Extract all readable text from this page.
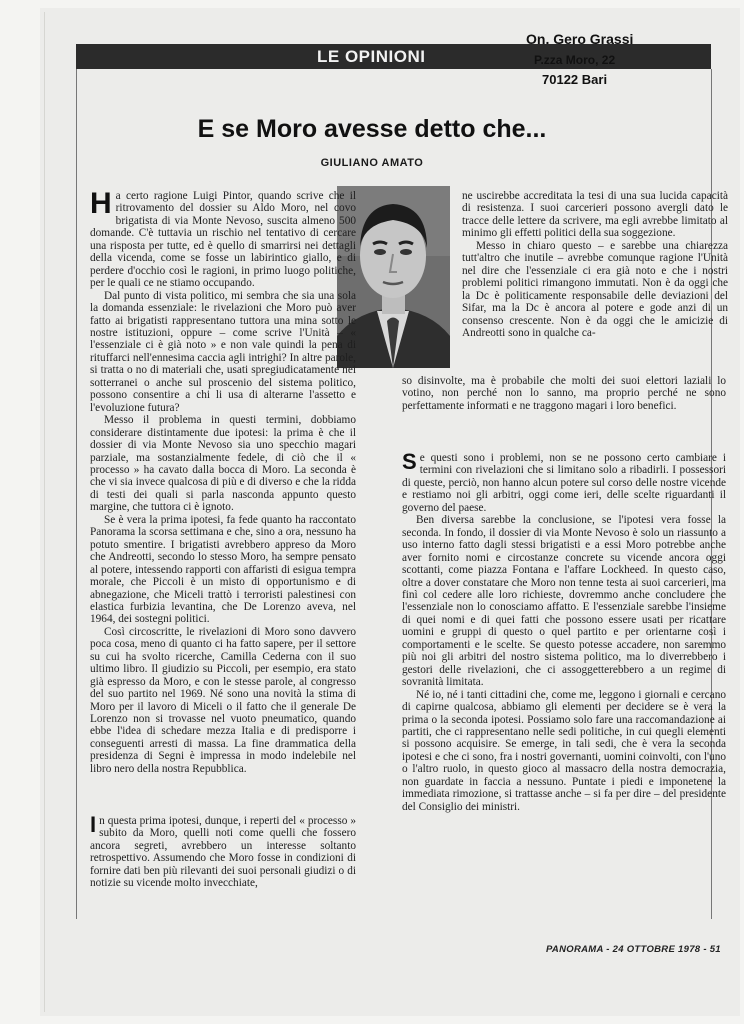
LE OPINIONI
On. Gero Grassi
P.zza Moro, 22
70122 Bari
E se Moro avesse detto che...
GIULIANO AMATO

Ha certo ragione Luigi Pintor, quando scrive che il ritrovamento del dossier su Aldo Moro, nel covo brigatista di via Monte Nevoso, suscita almeno 500 domande. C'è tuttavia un rischio nel tentativo di cercare una risposta per tutte, ed è quello di smarrirsi nei dettagli della vicenda, come se fosse un labirintico giallo, e di perdere d'occhio così le ragioni, in primo luogo politiche, per le quali ce ne stiamo occupando.

Dal punto di vista politico, mi sembra che sia una sola la domanda essenziale: le rivelazioni che Moro può aver fatto ai brigatisti rappresentano tuttora una mina sotto le nostre istituzioni, oppure – come scrive l'Unità – « l'essenziale ci è già noto » e non vale quindi la pena di rituffarci nell'ennesima caccia agli intrighi? In altre parole, si tratta o no di materiali che, usati spregiudicatamente nei sotterranei o anche sul proscenio del sistema politico, possono consentire a chi li usa di alterarne l'assetto e l'evoluzione futura?

Messo il problema in questi termini, dobbiamo considerare distintamente due ipotesi: la prima è che il dossier di via Monte Nevoso sia uno specchio magari parziale, ma sostanzialmente fedele, di ciò che il « processo » ha cavato dalla bocca di Moro. La seconda è che vi sia invece qualcosa di più e di diverso e che la ridda di testi dei quali si parla nasconda appunto questo margine, che tuttora ci è ignoto.

Se è vera la prima ipotesi, fa fede quanto ha raccontato Panorama la scorsa settimana e che, sino a ora, nessuno ha potuto smentire. I brigatisti avrebbero appreso da Moro che Andreotti, secondo lo stesso Moro, ha sempre pensato al potere, intessendo rapporti con affaristi di esigua tempra morale, che Piccoli è un misto di opportunismo e di abnegazione, che Miceli trattò i terroristi palestinesi con elastica furbizia levantina, che De Lorenzo aveva, nel 1964, dei sostegni politici.

Così circoscritte, le rivelazioni di Moro sono davvero poca cosa, meno di quanto ci ha fatto sapere, per il settore su cui ha svolto ricerche, Camilla Cederna con il suo ultimo libro. Il giudizio su Piccoli, per esempio, era stato già espresso da Moro, e con le stesse parole, al congresso del suo partito nel 1969. Né sono una novità la stima di Moro per il lavoro di Miceli o il fatto che il generale De Lorenzo non si trovasse nel vuoto pneumatico, quando ebbe l'idea di schedare mezza Italia e di predisporre i conseguenti arresti di massa. La fine drammatica della presidenza di Segni è impressa in modo indelebile nel libro nero della nostra Repubblica.

In questa prima ipotesi, dunque, i reperti del « processo » subito da Moro, quelli noti come quelli che fossero ancora segreti, avrebbero un interesse soltanto retrospettivo. Assumendo che Moro fosse in condizioni di fornire dati ben più rilevanti dei suoi personali giudizi o di notizie su vicende molto invecchiate,

ne uscirebbe accreditata la tesi di una sua lucida capacità di resistenza. I suoi carcerieri possono avergli dato le tracce delle lettere da scrivere, ma egli avrebbe limitato al minimo gli effetti politici della sua soggezione.

Messo in chiaro questo – e sarebbe una chiarezza tutt'altro che inutile – avrebbe comunque ragione l'Unità nel dire che l'essenziale ci era già noto e che i nostri problemi politici rimangono immutati. Non è da oggi che la Dc è politicamente responsabile delle deviazioni del Sifar, ma la Dc è ancora al potere e gode anzi di un consenso crescente. Non è da oggi che le amicizie di Andreotti sono in qualche ca-

so disinvolte, ma è probabile che molti dei suoi elettori laziali lo votino, non perché non lo sanno, ma proprio perché ne sono perfettamente informati e ne traggono magari i loro benefici.

Se questi sono i problemi, non se ne possono certo cambiare i termini con rivelazioni che si limitano solo a ribadirli. I possessori di queste, perciò, non hanno alcun potere sul corso delle nostre vicende e restiamo noi gli arbitri, oggi come ieri, delle scelte riguardanti il governo del paese.

Ben diversa sarebbe la conclusione, se l'ipotesi vera fosse la seconda. In fondo, il dossier di via Monte Nevoso è solo un riassunto a uso interno fatto dagli stessi brigatisti e a essi Moro potrebbe anche aver fornito nomi e circostanze concrete su vicende ancora oggi scottanti, come piazza Fontana e l'affare Lockheed. In questo caso, oltre a dover constatare che Moro non tenne testa ai suoi carcerieri, ma finì col cedere alle loro richieste, dovremmo anche concludere che l'essenziale non lo conosciamo affatto. E l'essenziale sarebbe l'insieme di quei nomi e di quei fatti che possono essere usati per ricattare uomini e gruppi di questo o quel partito e per orientarne così i comportamenti e le scelte. Se questo potesse accadere, non saremmo più noi gli arbitri del nostro sistema politico, ma lo diverrebbero i gestori delle rivelazioni, che ci assoggetterebbero a un regime di sovranità limitata.

Né io, né i tanti cittadini che, come me, leggono i giornali e cercano di capirne qualcosa, abbiamo gli elementi per decidere se è vera la prima o la seconda ipotesi. Possiamo solo fare una raccomandazione ai partiti, che ci rappresentano nelle sedi politiche, in cui quegli elementi si possono acquisire. Se emerge, in tali sedi, che è vera la seconda ipotesi e che ci sono, fra i nostri governanti, uomini coinvolti, con l'uno o l'altro ruolo, in questo gioco al massacro della nostra democrazia, non guardate in faccia a nessuno. Puntate i piedi e imponetene la immediata rimozione, si trattasse anche – si fa per dire – del presidente del Consiglio dei ministri.

PANORAMA - 24 OTTOBRE 1978 - 51
